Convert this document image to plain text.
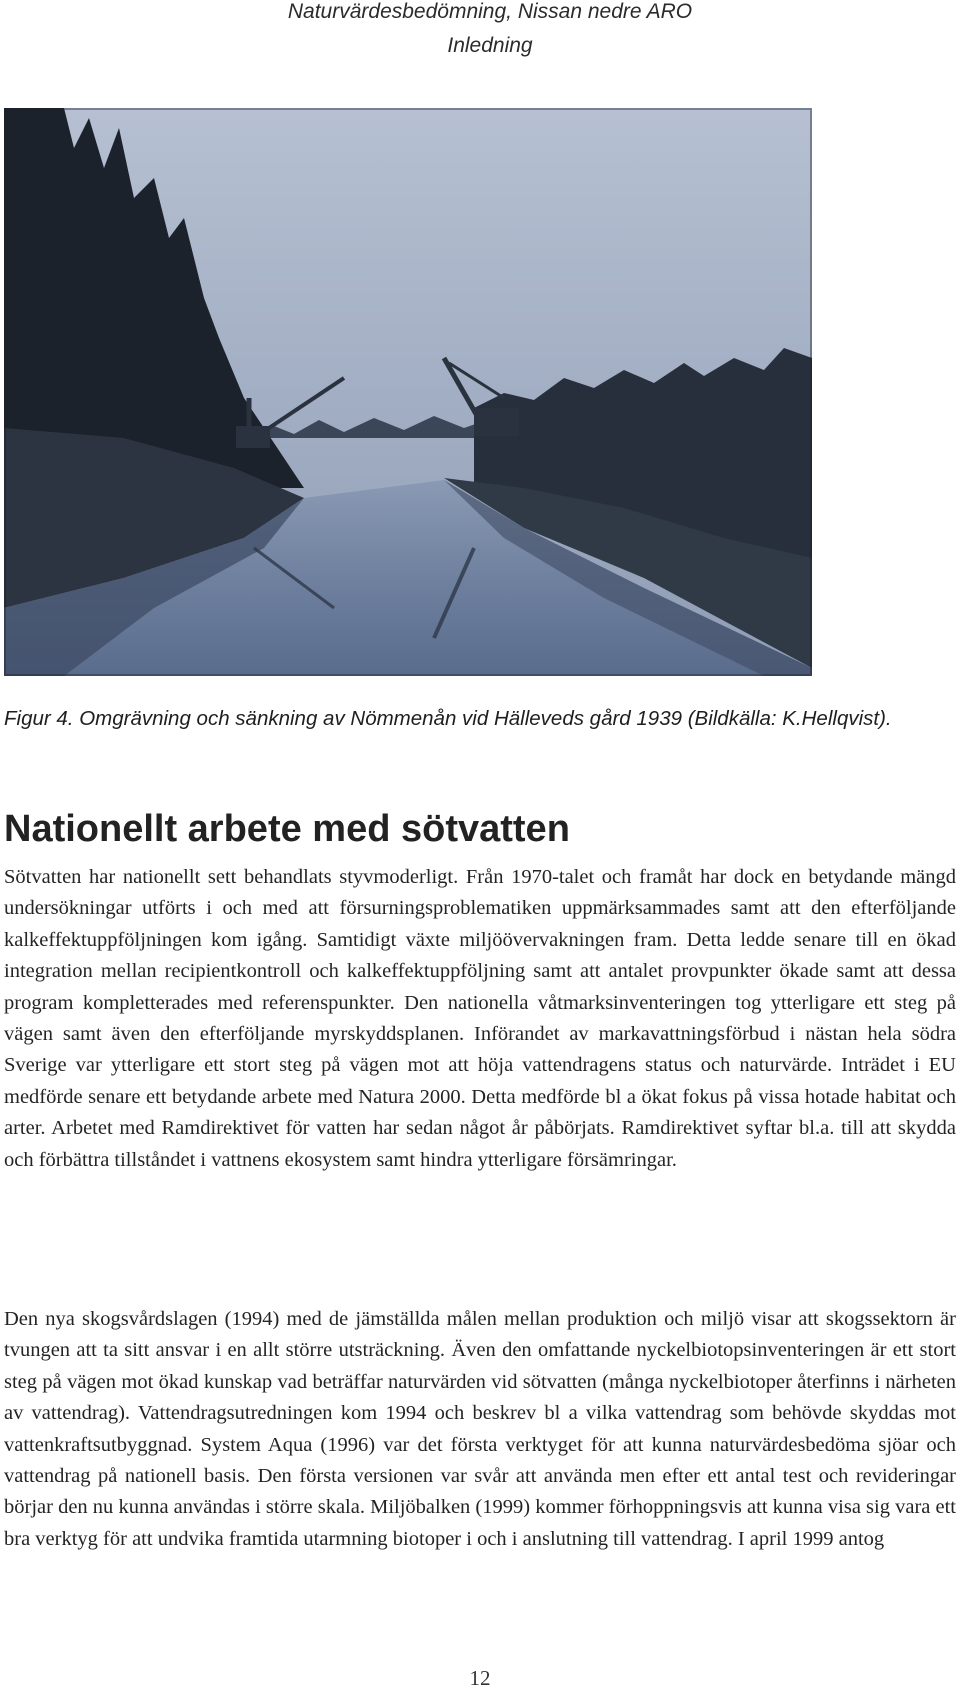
Naturvärdesbedömning, Nissan nedre ARO
Inledning
Figur 4. Omgrävning och sänkning av Nömmenån vid Hälleveds gård 1939 (Bildkälla: K.Hellqvist).
Nationellt arbete med sötvatten

Sötvatten har nationellt sett behandlats styvmoderligt. Från 1970-talet och framåt har dock en betydande mängd undersökningar utförts i och med att försurningsproblematiken uppmärksammades samt att den efterföljande kalkeffektuppföljningen kom igång. Samtidigt växte miljöövervakningen fram. Detta ledde senare till en ökad integration mellan recipientkontroll och kalkeffektuppföljning samt att antalet provpunkter ökade samt att dessa program kompletterades med referenspunkter. Den nationella våtmarksinventeringen tog ytterligare ett steg på vägen samt även den efterföljande myrskyddsplanen. Införandet av markavattningsförbud i nästan hela södra Sverige var ytterligare ett stort steg på vägen mot att höja vattendragens status och naturvärde. Inträdet i EU medförde senare ett betydande arbete med Natura 2000. Detta medförde bl a ökat fokus på vissa hotade habitat och arter. Arbetet med Ramdirektivet för vatten har sedan något år påbörjats. Ramdirektivet syftar bl.a. till att skydda och förbättra tillståndet i vattnens ekosystem samt hindra ytterligare försämringar.

Den nya skogsvårdslagen (1994) med de jämställda målen mellan produktion och miljö visar att skogssektorn är tvungen att ta sitt ansvar i en allt större utsträckning. Även den omfattande nyckelbiotopsinventeringen är ett stort steg på vägen mot ökad kunskap vad beträffar naturvärden vid sötvatten (många nyckelbiotoper återfinns i närheten av vattendrag). Vattendragsutredningen kom 1994 och beskrev bl a vilka vattendrag som behövde skyddas mot vattenkraftsutbyggnad. System Aqua (1996) var det första verktyget för att kunna naturvärdesbedöma sjöar och vattendrag på nationell basis. Den första versionen var svår att använda men efter ett antal test och revideringar börjar den nu kunna användas i större skala. Miljöbalken (1999) kommer förhoppningsvis att kunna visa sig vara ett bra verktyg för att undvika framtida utarmning biotoper i och i anslutning till vattendrag. I april 1999 antog

12
